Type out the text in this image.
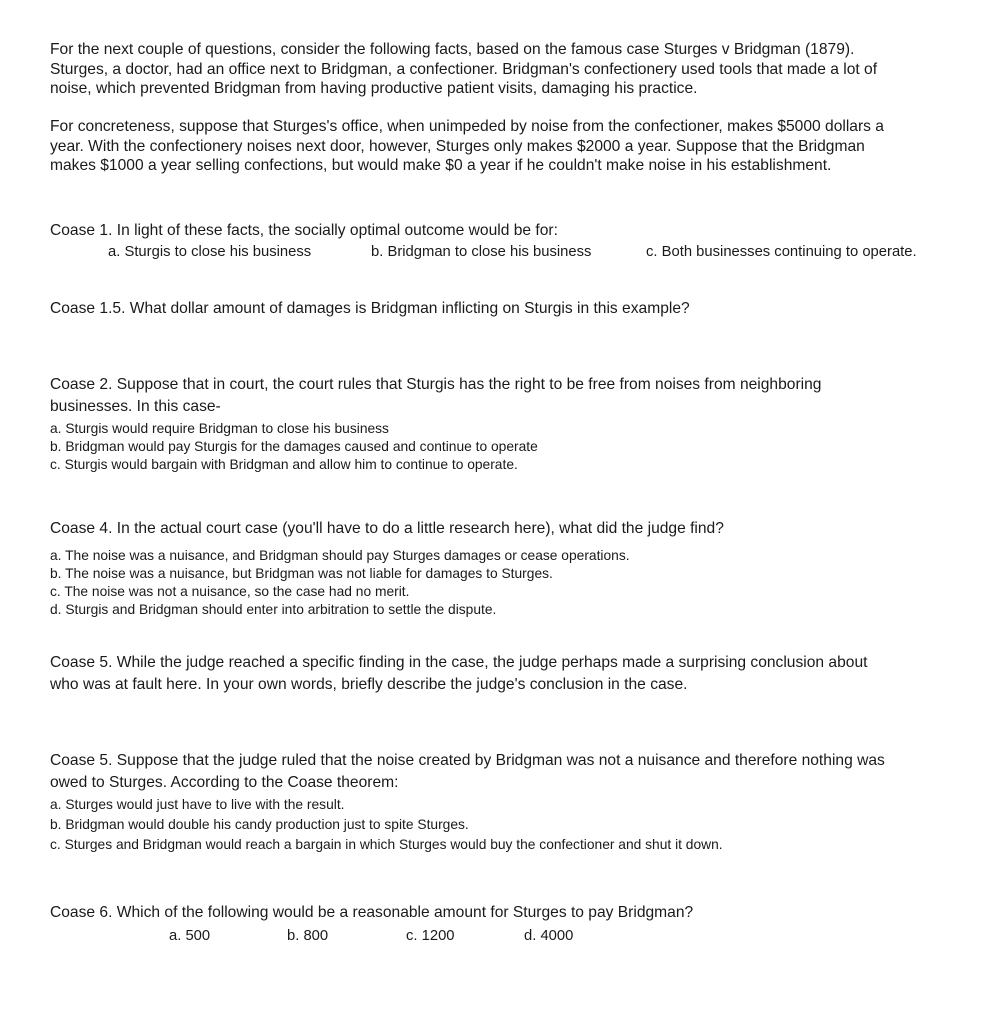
For the next couple of questions, consider the following facts, based on the famous case Sturges v Bridgman (1879).
Sturges, a doctor, had an office next to Bridgman, a confectioner. Bridgman's confectionery used tools that made a lot of
noise, which prevented Bridgman from having productive patient visits, damaging his practice.
For concreteness, suppose that Sturges's office, when unimpeded by noise from the confectioner, makes $5000 dollars a
year. With the confectionery noises next door, however, Sturges only makes $2000 a year. Suppose that the Bridgman
makes $1000 a year selling confections, but would make $0 a year if he couldn't make noise in his establishment.
Coase 1. In light of these facts, the socially optimal outcome would be for:
a. Sturgis to close his business	b. Bridgman to close his business	c. Both businesses continuing to operate.
Coase 1.5. What dollar amount of damages is Bridgman inflicting on Sturgis in this example?
Coase 2. Suppose that in court, the court rules that Sturgis has the right to be free from noises from neighboring
businesses. In this case-
a. Sturgis would require Bridgman to close his business
b. Bridgman would pay Sturgis for the damages caused and continue to operate
c. Sturgis would bargain with Bridgman and allow him to continue to operate.
Coase 4. In the actual court case (you'll have to do a little research here), what did the judge find?
a. The noise was a nuisance, and Bridgman should pay Sturges damages or cease operations.
b. The noise was a nuisance, but Bridgman was not liable for damages to Sturges.
c. The noise was not a nuisance, so the case had no merit.
d. Sturgis and Bridgman should enter into arbitration to settle the dispute.
Coase 5. While the judge reached a specific finding in the case, the judge perhaps made a surprising conclusion about
who was at fault here. In your own words, briefly describe the judge's conclusion in the case.
Coase 5. Suppose that the judge ruled that the noise created by Bridgman was not a nuisance and therefore nothing was
owed to Sturges. According to the Coase theorem:
a. Sturges would just have to live with the result.
b. Bridgman would double his candy production just to spite Sturges.
c. Sturges and Bridgman would reach a bargain in which Sturges would buy the confectioner and shut it down.
Coase 6. Which of the following would be a reasonable amount for Sturges to pay Bridgman?
a. 500	b. 800	c. 1200	d. 4000
